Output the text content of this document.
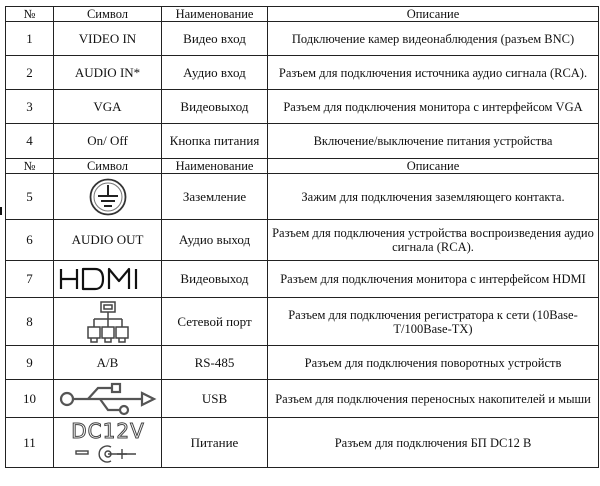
№	Символ	Наименование	Описание
1	VIDEO IN	Видео вход	Подключение камер видеонаблюдения (разъем BNC)
2	AUDIO IN*	Аудио вход	Разъем для подключения источника аудио сигнала (RCA).
3	VGA	Видеовыход	Разъем для подключения монитора с интерфейсом VGA
4	On/ Off	Кнопка питания	Включение/выключение питания устройства
№	Символ	Наименование	Описание
5		Заземление	Зажим для подключения заземляющего контакта.
6	AUDIO OUT	Аудио выход	Разъем для подключения устройства воспроизведения аудио сигнала (RCA).
7		Видеовыход	Разъем для подключения монитора с интерфейсом HDMI
8		Сетевой порт	Разъем для подключения регистратора к сети (10Base-T/100Base-TX)
9	A/B	RS-485	Разъем для подключения поворотных устройств
10		USB	Разъем для подключения переносных накопителей и мыши
11	DC12V	Питание	Разъем для подключения БП DC12 В
